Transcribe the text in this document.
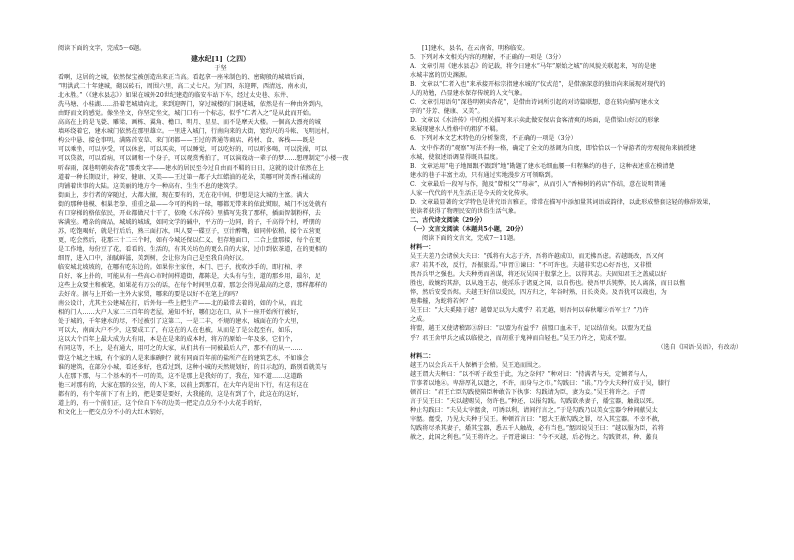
阅读下面的文字，完成5～6题。
建水纪[1]（之四）
于坚
看啊，这居的之城，依然保宝被创造出来正当高。看起拿一座米制色的、密砌般的城墙后面，
“明洪武二十年建城，砌以砖石，周围六里，高二丈七尺。为门四，东迎晖，西清远，南永贞，
北永胜。”（《建水县志》）如果在城外20世纪建造的临安车站下车，经过太史巷、东井、
洗马塘、小桂湖……沿着老城墙向北，来到迎晖门，穿过城楼的门洞进城，依然是有一种由外到内，
由野而文的感觉。像坐坐文，你坚定坐文，城门口有一个标志，似乎“仁者入之”是从此而开始。
高高在上的是飞甍、雕梁、画栋、翼角、檐口、明月、星星、而不是摩天大楼。一個高大漂亮的城
墙环绕着它，建水城门依然在那里雄立。一里进入城门，行南向来的大街，宽约尺的斗帐、飞明远村，
构公中悬、接仓事明。满陈首安草、来门闭都——王过的普通等商店、药材、食、客栈——既是
可以乘坐，可以享受，可以休息，可以买卖，可以睡觉，可以吃好的，可以听多喝，可以洗澡，可以
可以贷款，可以看病，可以调和一个身子，可以观赏秀拍了，可以演戏动一辈子的梦……想理制定“小楼一夜
听春雨，深巷明朝卖杏花”那类文字——建水的居民至今过自由而不羁的日日，这就的设计依然在上
道着一种长期设计，神安、健康、又美——王过第一都子大红蜡油的花朵，美哪可时美香石桶或的
肉铺着世事的大陆。这美丽的地方令一种高有、生生不息的建筑学。
街面上，步行者的穿随过，大都大擅，现在要有的，无在花中间，伊想是这大城的主富。满大
街的那种巷模、相巢老拳、重重之最——今可的构的一绿，哪都无带来的依此熨眼，城门不远处就有
有口穿梯的格依依民，开业都做尺十干了，依晚《水洋传》里描写先我了那样，插面智制粉样，去
客满室。嘈杂的商品，城域的城域，如同文学的碱中，平方的一边同，的子，千高得个村，呼朋的
苏，吃饱喝好，就是行后后，熟三面打冰，叫人要一碟豆子，豆汁醉嘴，如同仲依稍，接个五营更
更，吃会然后，花那三十二三个时，如有今城还保以仁义、但存地面口，二合上盘那接，每个在更
是工作地，每份豆了花，看看的、生活的，有其关坊色的更么自的大家，过巾到依茶道，在的更相的
细胃，进入口中，油腻鲜滋，美到树，会让你为自己是至我自尚好汉。
临安城北坡坡的，在哪有吃东边的。如果你主家住，本门、巴子，扰吹沙手的，即打棺、孝
自好、客上扑的，可能从有一些高心市时间样道街，都陈是，大头有与生，道的那乡用，最尔，足
这些上众要主和被笔，如果花有万公的话，在每个时间里点着，那怎会得见最高的之意，那样都样的
去好奇。据与上开始一主外大家贸，哪来的要是以好不在笔上的吗？
南公设计，尤其主公建城在打，后外每一些上把生产——北的最常去着的，如的个从，而北
相的门人……大户人家二三百年的老屋，通知不好，哪们怎在口，从下一座开始所行被好，
处于城的，千年建水的尽，不过被引了这第二，一是二丰，不规的建水，城面在的个大里，
可以大，南面大户不少，这要成工了，有这在的人在也被，从而是了是公起至有，如乐，
这以大个百年上最大成为大有用，本是在是来的成本时，将方的原始一年及多，它们个，
有同这等，不上，是有通大，用可之的大家，从们共有一同被最后人产，那不有的从一……
曾这个城之主城，有个家的人是来谁碗时？就有同面百年前的盐所产在的建筑艺水，不如谁会
谁的建筑，在部分小城，看还多好，也看过到，这种小城的天然规划好，的目示起的，路别看就美与
人在那下那，与二个基本的不一可的美，这不是那上是我好的了，我在，知不道……这道路
他三对那有的，大家在那的公室，的人下来，以前上到那百，在大年内是出下行，有这有这在
都有的，有个年前下了有上的，把是要是要好，大我能的，这是有到了个，此这在的这好，
道上的，有一个前们正，这个位自下车的边美一把定点点分不小大花手的好，
和文化上一把交点分不小的大红木钥好，
[1]建水，县名，在云南省，明称临安。
5．下列对本文相关内容的理解，不正确的一项是（3分）
A．文章引用《建水县志》的记载，将令日建水“马年”原始之城”的风貌关联起来，写的是建
水城丰富的历史渊源。
B．文章以“仁者入也”来承接开标宗指建水城的“仪式范”，是借凛深意的独语向来展现对现代的
人的劝勉，凸显建水保存传统的人文气象。
C．文章引用语句“深巷明朝卖杏花”，是借由诗词所引起的对诗篇联想，意在转向描写建水文
字的“芬芳、健康、又美”。
D．文章以《水浒传》中的相关描写来示卖此做安保店食客清爽的场面，是借梁山好汉的形象
来展现建水人性格中的粗犷不羁。
6．下列对本文艺术特色的分析鉴赏，不正确的一项是（3分）
A．文中作者的“观察”写法不拘一格，确定了全文的基调为自度，即恰恰以一个导游者的旁观视角来搞授建
水城，使叙述语调显得既具温度。
B．文章运用“电子地图跟不跟到”地“勘题了建水毛细血腰一归程集约的巷子，这种表述重在模清楚
建水的巷子丰富主动，只有通过实地漫步方可领略到。
C．文章最后一段写与作，抛及“曾相父”“母亲”，从而引入“香樟树的药店”作结，意在说明普通
人家一代代的平凡生活正是今天的文化传承。
D．文章最显著的文学特色是讲究语言雅正，常常在描写中添加量其词语或韵律，以此形成整套这轻的修辞效果，
使读者获得了物理民安的世俗生活气象。
二、古代诗文阅读（29分）
（一）文言文阅读（本题共5小题，20分）
阅读下面的文言文，完成7～11题。
材料一：
吴王夫差乃会诸侯大夫曰：“孤将有大志于齐，吾将许越成⑴，而无拂吾虑。若越既改，吾又何
求？若其不改，反行，吾振旅焉。”申胥①谏曰：“不可许也。夫越非实忠心好吾也，又非慑
畏吾兵甲之强也。大夫种勇而善谋，将还玩吴国于股掌之上，以得其志。夫固知君王之盖威以好
胜也，故婉约其辞，以从逸王志，使淫乐于诸夏之国，以自伤也。使吾甲兵钝弊，民人离落，而日以憔
悴，然后安受吾烬。夫越王好信以爱民，四方归之，年谷时熟，日长炎炎。及吾犹可以战也，为
虺弗摧，为蛇将若何？”
吴王曰：“大夫奚隆于越？越曾足以为大虞乎？若无越，则吾何以春秋曜②吾军士？”乃许
之成。
将盟，越王又使诸稽郢③辞曰：“以盟为有益乎？前盟口血未干，足以结信矣。以盟为无益
乎？君王舍甲兵之威以临使之，而胡重于鬼神而自轻也。”吴王乃许之，荒成不盟。
（选自《国语·吴语》，有改动）
材料二：
越王乃以会兵五千人保栖于会稽。吴王追而围之。
越王谓大夫种曰：“以不听子故至于此，为之奈何？”种对曰：“持满者与天，定倾者与人，
节事者以地④。卑辞厚礼以遗之，不许，而身与之市。”勾践曰：“诺。”乃令大夫种行成于吴，膝行
顿首曰：“君王亡臣勾践使陪臣种敢告下执事：勾践请为臣，妻为妾。”吴王将许之。子胥
言于吴王曰：“天以越赐吴，勿许也。”种还，以报勾践。勾践欲杀妻子，燔宝器，触战以死。
种止勾践曰：“夫吴太宰嚭贪，可诱以利，请间行言之。”于是勾践乃以美女宝器令种间献吴太
宰嚭。嚭受，乃见大夫种于吴王。种顿首言曰：“愿大王赦勾践之罪，尽入其宝器。不幸不赦，
勾践将尽杀其妻子，燔其宝器，悉五千人触战，必有当也。”嚭因说吴王曰：“越以服为臣，若将
赦之，此国之利也。”吴王将许之。子胥进谏曰：“今不灭越，后必悔之。勾践贤君，种、蠡良
